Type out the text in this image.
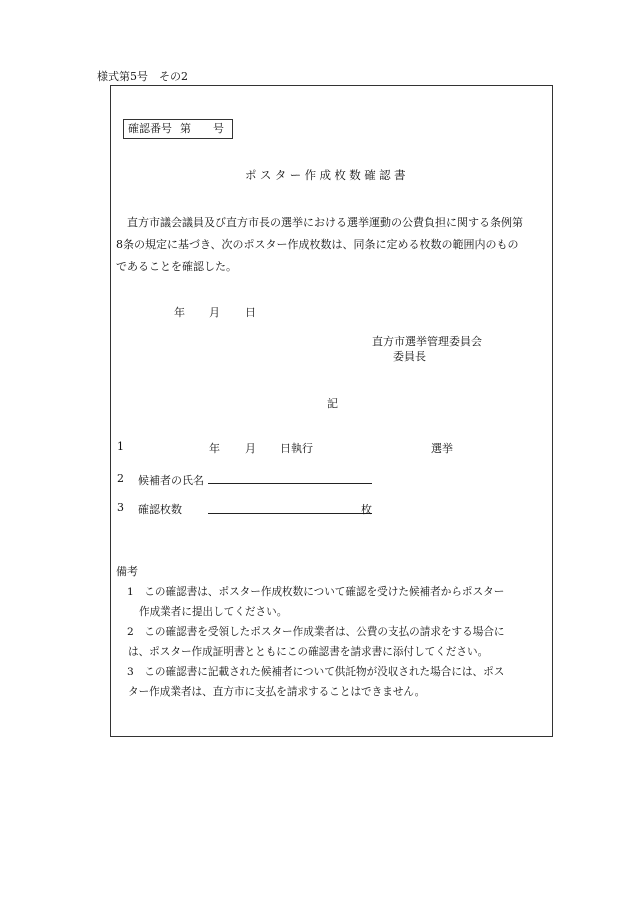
様式第5号　その2
確認番号 第 号
ポスター作成枚数確認書
直方市議会議員及び直方市長の選挙における選挙運動の公費負担に関する条例第
8条の規定に基づき、次のポスター作成枚数は、同条に定める枚数の範囲内のもの
であることを確認した。
年 月 日
直方市選挙管理委員会
委員長
記
1	年 月 日執行	選挙
2 候補者の氏名
3 確認枚数	枚
備考
1　この確認書は、ポスター作成枚数について確認を受けた候補者からポスター
作成業者に提出してください。
2　この確認書を受領したポスター作成業者は、公費の支払の請求をする場合に
は、ポスター作成証明書とともにこの確認書を請求書に添付してください。
3　この確認書に記載された候補者について供託物が没収された場合には、ポス
ター作成業者は、直方市に支払を請求することはできません。
